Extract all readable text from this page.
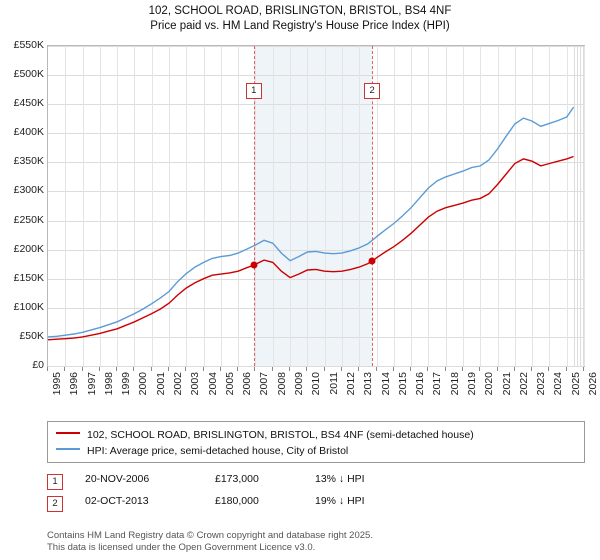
102, SCHOOL ROAD, BRISLINGTON, BRISTOL, BS4 4NF
Price paid vs. HM Land Registry's House Price Index (HPI)
1	2
£0
£50K
£100K
£150K
£200K
£250K
£300K
£350K
£400K
£450K
£500K
£550K
1995 1996 1997 1998 1999 2000 2001 2002 2003 2004 2005 2006 2007 2008 2009 2010 2011 2012 2013 2014 2015 2016 2017 2018 2019 2020 2021 2022 2023 2024 2025 2026
102, SCHOOL ROAD, BRISLINGTON, BRISTOL, BS4 4NF (semi-detached house)
HPI: Average price, semi-detached house, City of Bristol
1	20-NOV-2006	£173,000	13% ↓ HPI
2	02-OCT-2013	£180,000	19% ↓ HPI
Contains HM Land Registry data © Crown copyright and database right 2025.
This data is licensed under the Open Government Licence v3.0.
